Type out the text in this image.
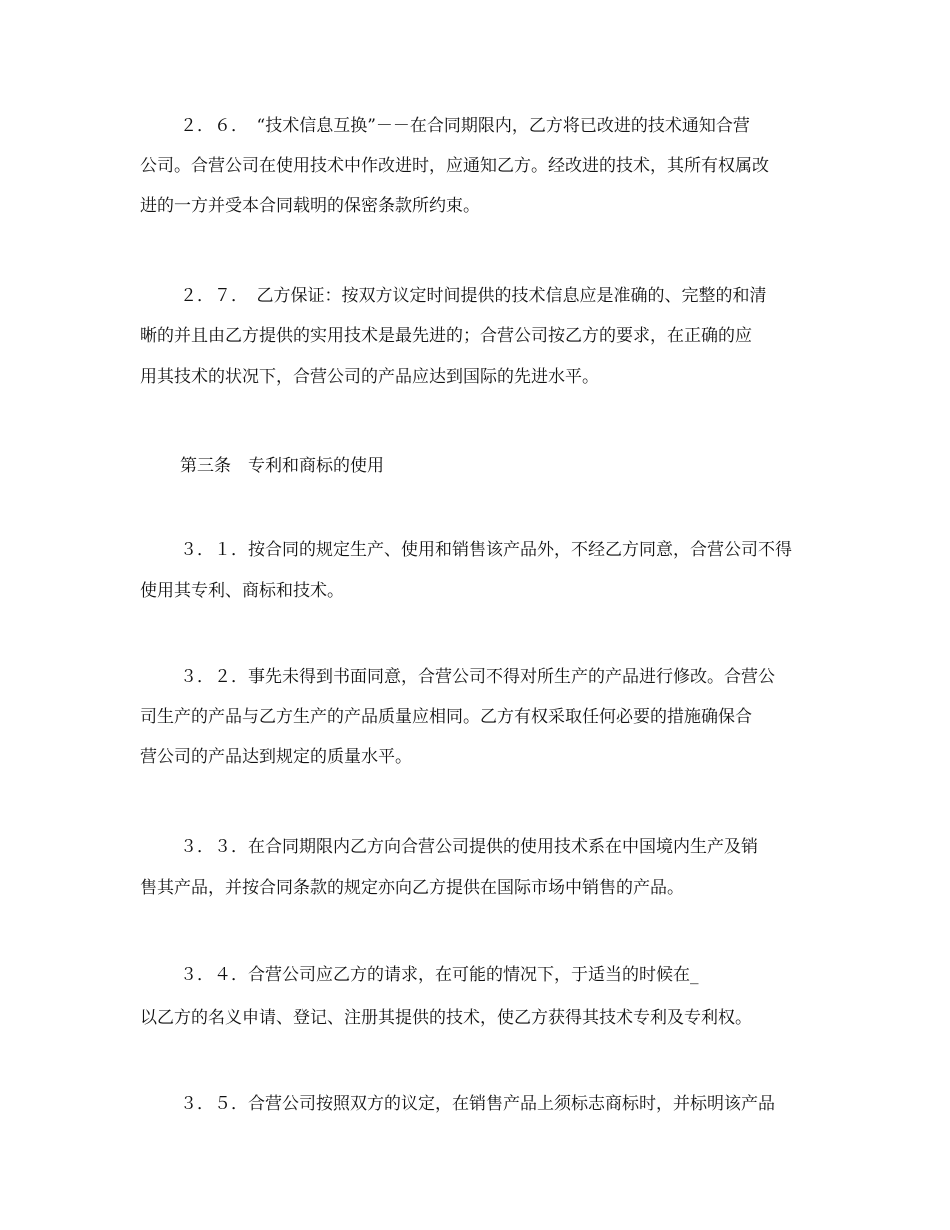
２．６．　“技术信息互换”－－在合同期限内，乙方将已改进的技术通知合营
公司。合营公司在使用技术中作改进时，应通知乙方。经改进的技术，其所有权属改
进的一方并受本合同载明的保密条款所约束。
２．７．　乙方保证：按双方议定时间提供的技术信息应是准确的、完整的和清
晰的并且由乙方提供的实用技术是最先进的；合营公司按乙方的要求，在正确的应
用其技术的状况下，合营公司的产品应达到国际的先进水平。
第三条　专利和商标的使用
３．１．按合同的规定生产、使用和销售该产品外，不经乙方同意，合营公司不得
使用其专利、商标和技术。
３．２．事先未得到书面同意，合营公司不得对所生产的产品进行修改。合营公
司生产的产品与乙方生产的产品质量应相同。乙方有权采取任何必要的措施确保合
营公司的产品达到规定的质量水平。
３．３．在合同期限内乙方向合营公司提供的使用技术系在中国境内生产及销
售其产品，并按合同条款的规定亦向乙方提供在国际市场中销售的产品。
３．４．合营公司应乙方的请求，在可能的情况下，于适当的时候在_
以乙方的名义申请、登记、注册其提供的技术，使乙方获得其技术专利及专利权。
３．５．合营公司按照双方的议定，在销售产品上须标志商标时，并标明该产品
